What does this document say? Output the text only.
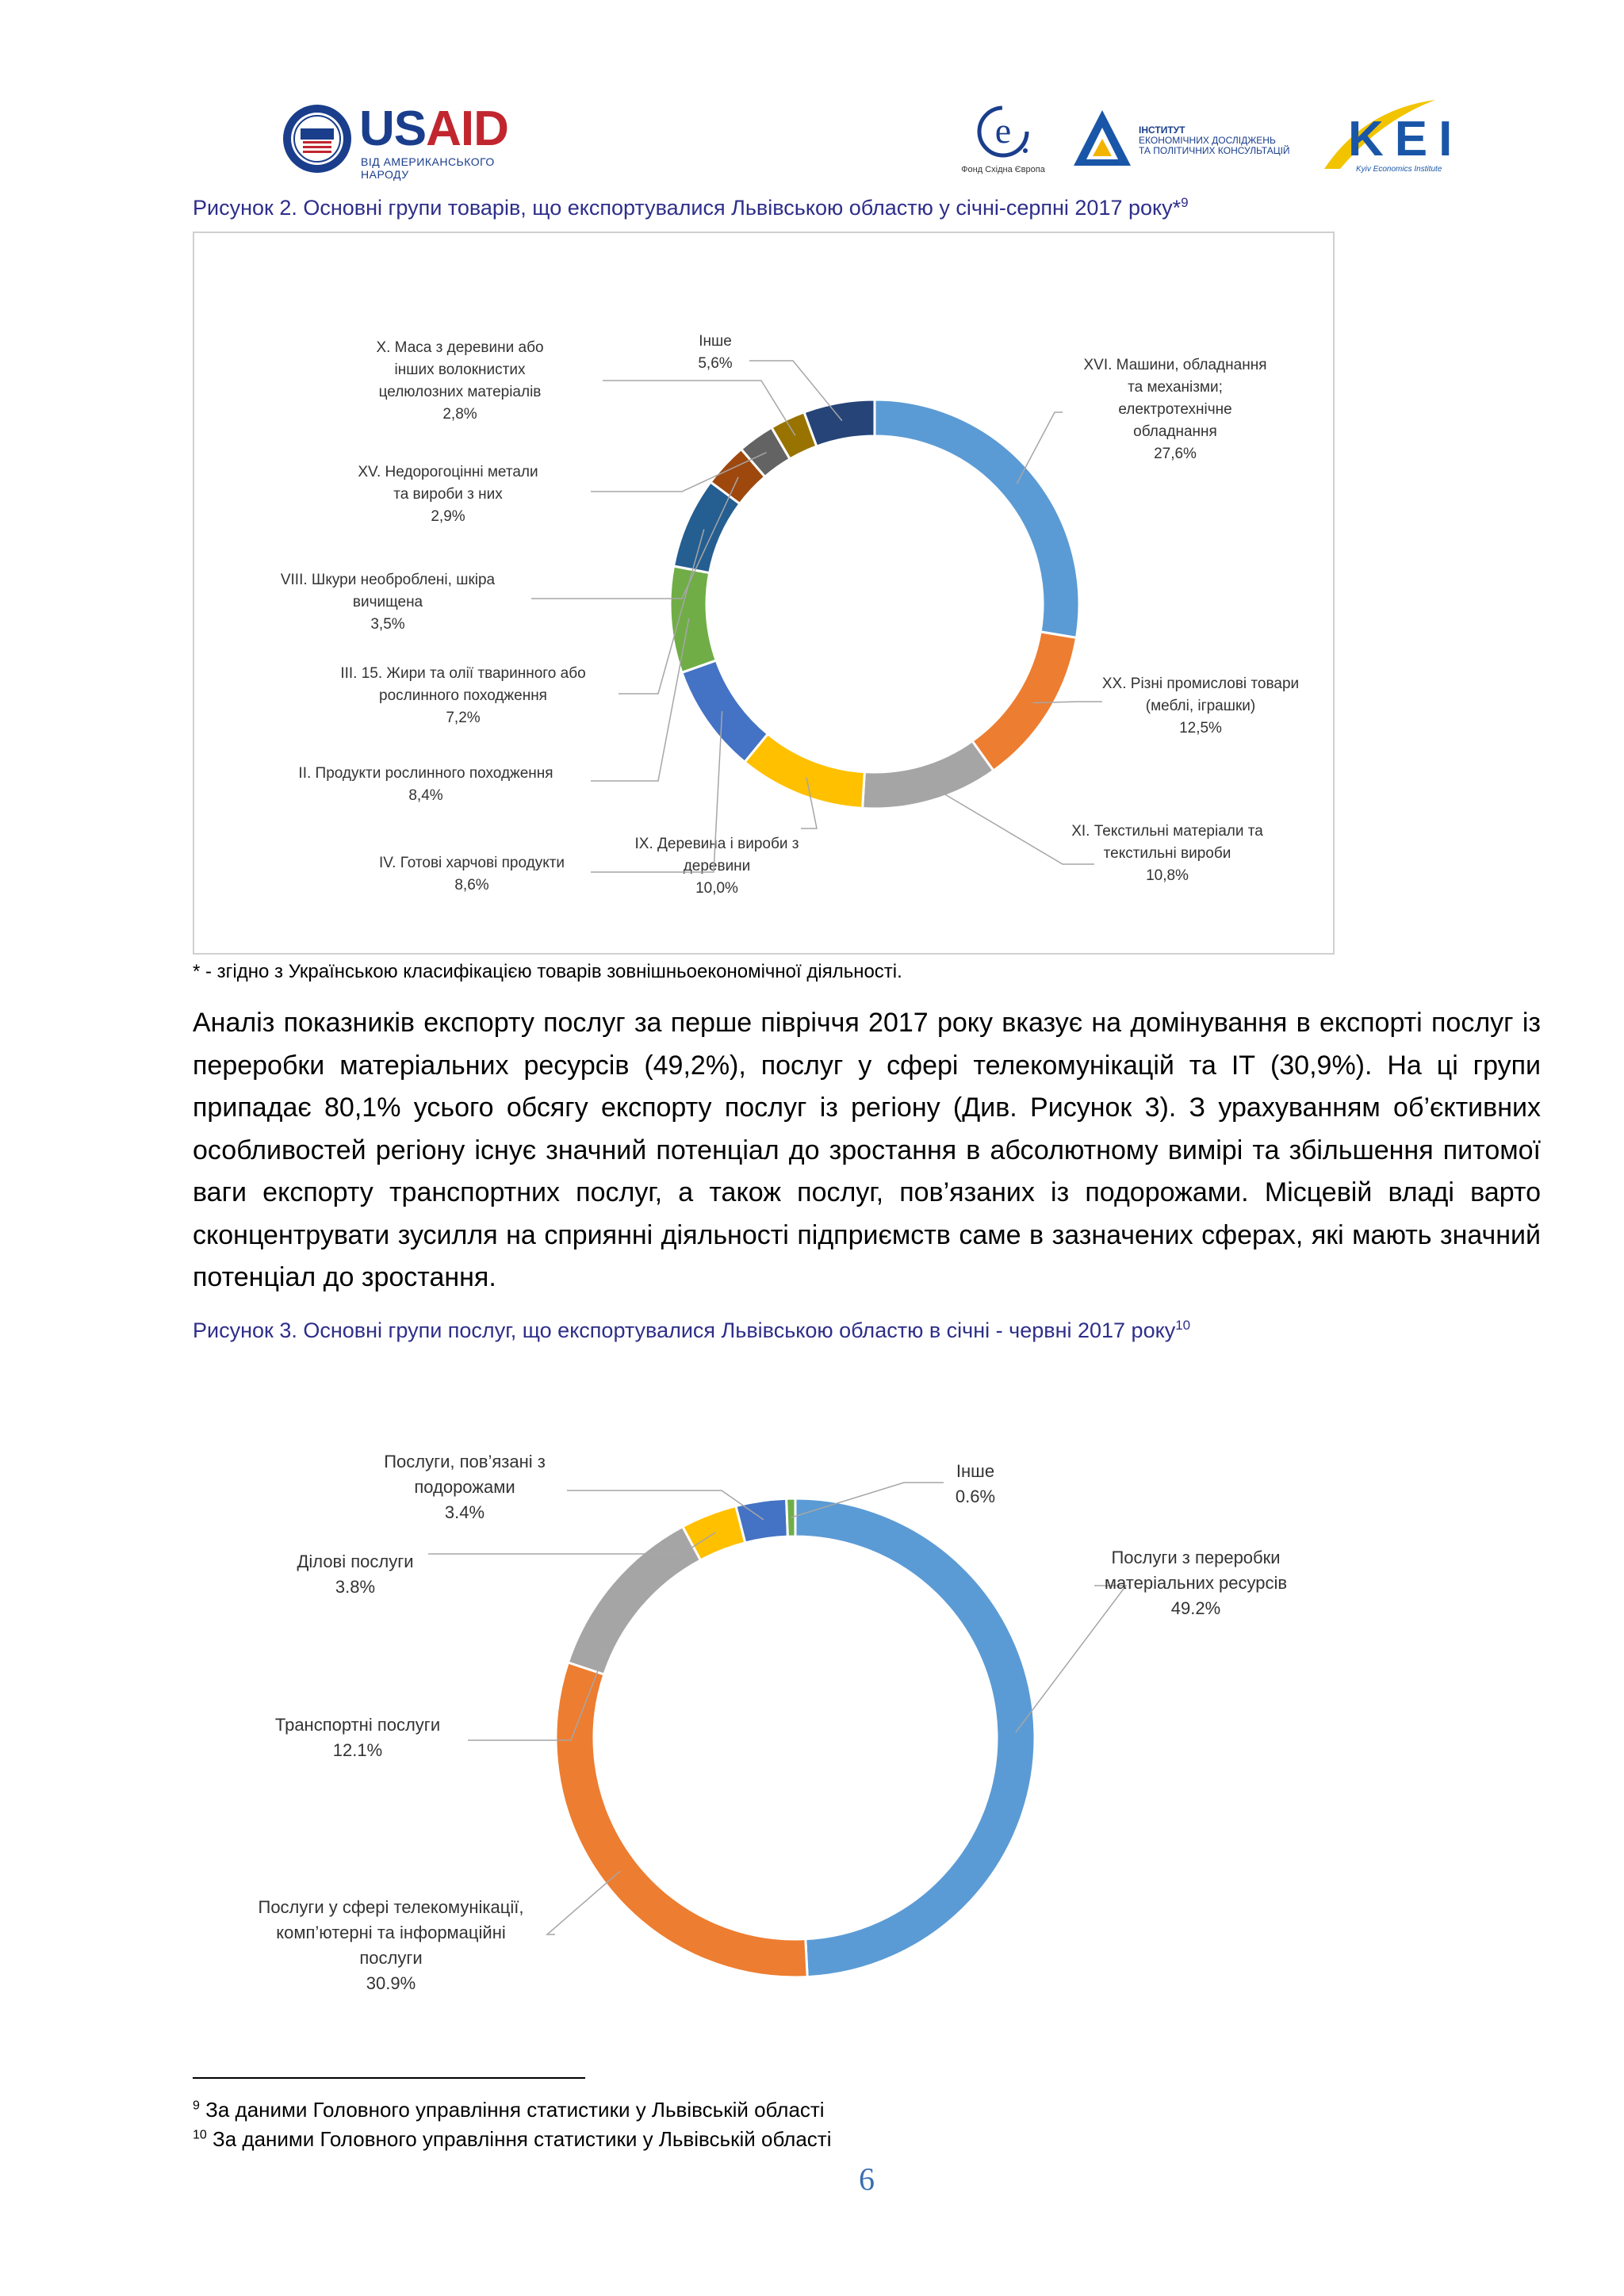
USAID
ВІД АМЕРИКАНСЬКОГО НАРОДУ
е
Фонд Східна Європа
ІНСТИТУТ
ЕКОНОМІЧНИХ ДОСЛІДЖЕНЬ
ТА ПОЛІТИЧНИХ КОНСУЛЬТАЦІЙ KEI
Kyiv Economics Institute
Рисунок 2. Основні групи товарів, що експортувалися Львівською областю у січні-серпні 2017 року*$^9$
XVI. Машини, обладнання та механізми; електротехнічне обладнання 27,6%
XX. Різні промислові товари (меблі, іграшки) 12,5%
XI. Текстильні матеріали та текстильні вироби 10,8%
IX. Деревина і вироби з деревини 10,0%
IV. Готові харчові продукти 8,6%
II. Продукти рослинного походження 8,4%
III. 15. Жири та олії тваринного або рослинного походження 7,2%
VIII. Шкури необроблені, шкіра вичищена 3,5%
XV. Недорогоцінні метали та вироби з них 2,9%
X. Маса з деревини або інших волокнистих целюлозних матеріалів 2,8%
Інше 5,6%
* - згідно з Українською класифікацією товарів зовнішньоекономічної діяльності.
Аналіз показників експорту послуг за перше півріччя 2017 року вказує на домінування в експорті послуг із переробки матеріальних ресурсів (49,2%), послуг у сфері телекомунікацій та ІТ (30,9%). На ці групи припадає 80,1% усього обсягу експорту послуг із регіону (Див. Рисунок 3). З урахуванням об’єктивних особливостей регіону існує значний потенціал до зростання в абсолютному вимірі та збільшення питомої ваги експорту транспортних послуг, а також послуг, пов’язаних із подорожами. Місцевій владі варто сконцентрувати зусилля на сприянні діяльності підприємств саме в зазначених сферах, які мають значний потенціал до зростання.
Рисунок 3. Основні групи послуг, що експортувалися Львівською областю в січні - червні 2017 року$^{10}$
Послуги з переробки матеріальних ресурсів 49.2%
Послуги у сфері телекомунікації, комп’ютерні та інформаційні послуги 30.9%
Транспортні послуги 12.1%
Ділові послуги 3.8%
Послуги, пов’язані з подорожами 3.4%
Інше 0.6%
$^9$ За даними Головного управління статистики у Львівській області
$^{10}$ За даними Головного управління статистики у Львівській області
6
